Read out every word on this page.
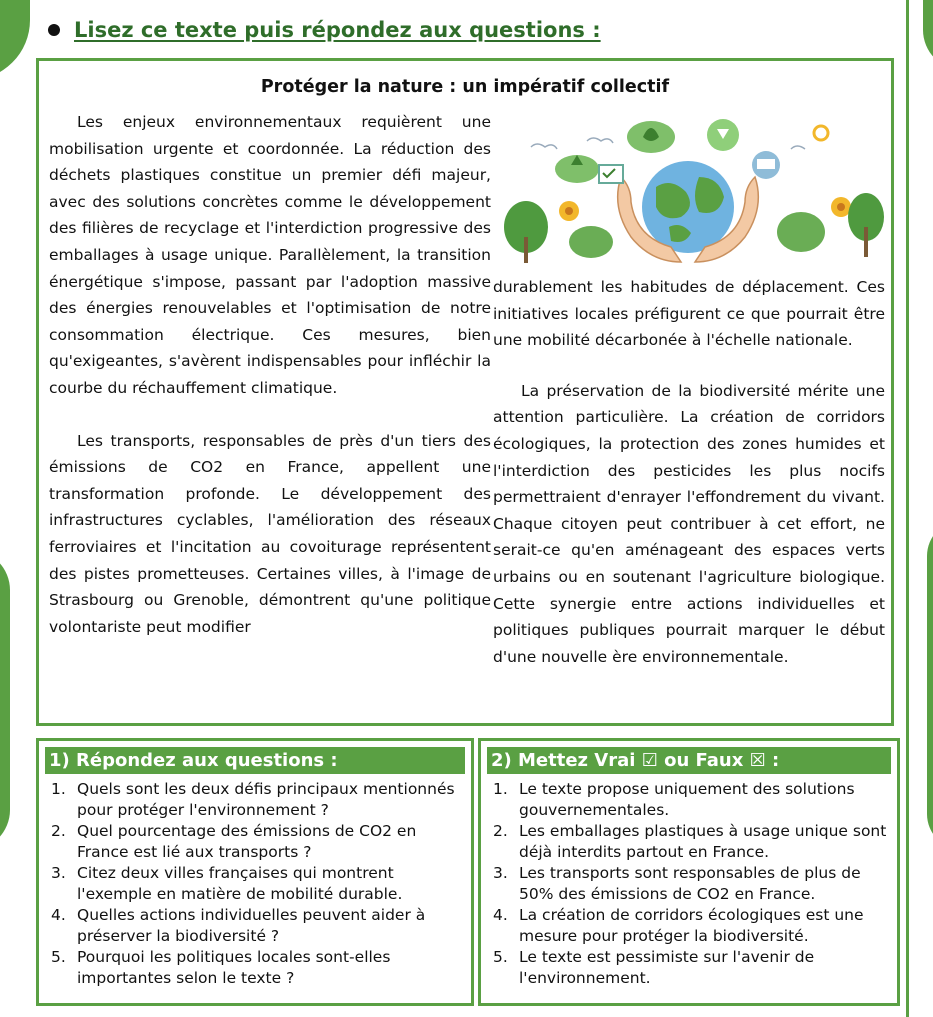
Lisez ce texte puis répondez aux questions :
Protéger la nature : un impératif collectif

Les enjeux environnementaux requièrent une mobilisation urgente et coordonnée. La réduction des déchets plastiques constitue un premier défi majeur, avec des solutions concrètes comme le développement des filières de recyclage et l'interdiction progressive des emballages à usage unique. Parallèlement, la transition énergétique s'impose, passant par l'adoption massive des énergies renouvelables et l'optimisation de notre consommation électrique. Ces mesures, bien qu'exigeantes, s'avèrent indispensables pour infléchir la courbe du réchauffement climatique.

Les transports, responsables de près d'un tiers des émissions de CO2 en France, appellent une transformation profonde. Le développement des infrastructures cyclables, l'amélioration des réseaux ferroviaires et l'incitation au covoiturage représentent des pistes prometteuses. Certaines villes, à l'image de Strasbourg ou Grenoble, démontrent qu'une politique volontariste peut modifier

durablement les habitudes de déplacement. Ces initiatives locales préfigurent ce que pourrait être une mobilité décarbonée à l'échelle nationale.

La préservation de la biodiversité mérite une attention particulière. La création de corridors écologiques, la protection des zones humides et l'interdiction des pesticides les plus nocifs permettraient d'enrayer l'effondrement du vivant. Chaque citoyen peut contribuer à cet effort, ne serait-ce qu'en aménageant des espaces verts urbains ou en soutenant l'agriculture biologique. Cette synergie entre actions individuelles et politiques publiques pourrait marquer le début d'une nouvelle ère environnementale.

1) Répondez aux questions :
1. Quels sont les deux défis principaux mentionnés pour protéger l'environnement ?
2. Quel pourcentage des émissions de CO2 en France est lié aux transports ?
3. Citez deux villes françaises qui montrent l'exemple en matière de mobilité durable.
4. Quelles actions individuelles peuvent aider à préserver la biodiversité ?
5. Pourquoi les politiques locales sont-elles importantes selon le texte ?
2) Mettez Vrai ☑ ou Faux ☒ :
1. Le texte propose uniquement des solutions gouvernementales.
2. Les emballages plastiques à usage unique sont déjà interdits partout en France.
3. Les transports sont responsables de plus de 50% des émissions de CO2 en France.
4. La création de corridors écologiques est une mesure pour protéger la biodiversité.
5. Le texte est pessimiste sur l'avenir de l'environnement.
